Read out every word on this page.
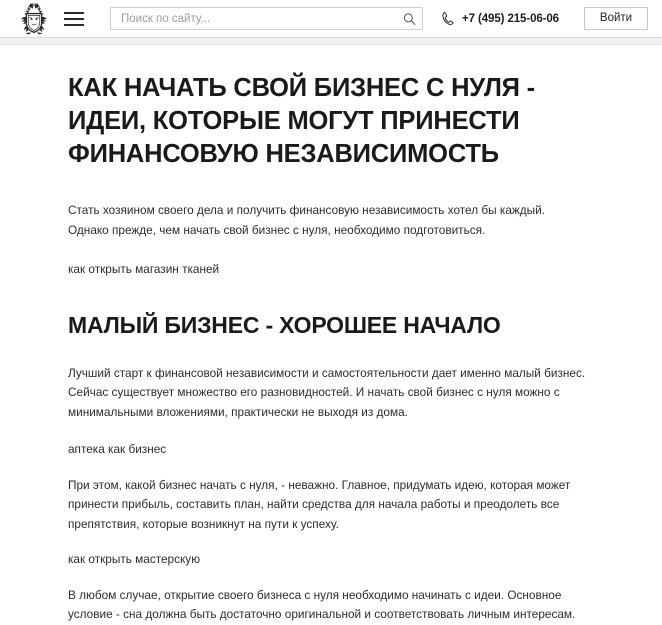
Поиск по сайту...
+7 (495) 215-06-06	Войти
КАК НАЧАТЬ СВОЙ БИЗНЕС С НУЛЯ - ИДЕИ, КОТОРЫЕ МОГУТ ПРИНЕСТИ ФИНАНСОВУЮ НЕЗАВИСИМОСТЬ

Стать хозяином своего дела и получить финансовую независимость хотел бы каждый. Однако прежде, чем начать свой бизнес с нуля, необходимо подготовиться.

как открыть магазин тканей
МАЛЫЙ БИЗНЕС - ХОРОШЕЕ НАЧАЛО

Лучший старт к финансовой независимости и самостоятельности дает именно малый бизнес. Сейчас существует множество его разновидностей. И начать свой бизнес с нуля можно с минимальными вложениями, практически не выходя из дома.

аптека как бизнес

При этом, какой бизнес начать с нуля, - неважно. Главное, придумать идею, которая может принести прибыль, составить план, найти средства для начала работы и преодолеть все препятствия, которые возникнут на пути к успеху.

как открыть мастерскую

В любом случае, открытие своего бизнеса с нуля необходимо начинать с идеи. Основное условие - сна должна быть достаточно оригинальной и соответствовать личным интересам.
